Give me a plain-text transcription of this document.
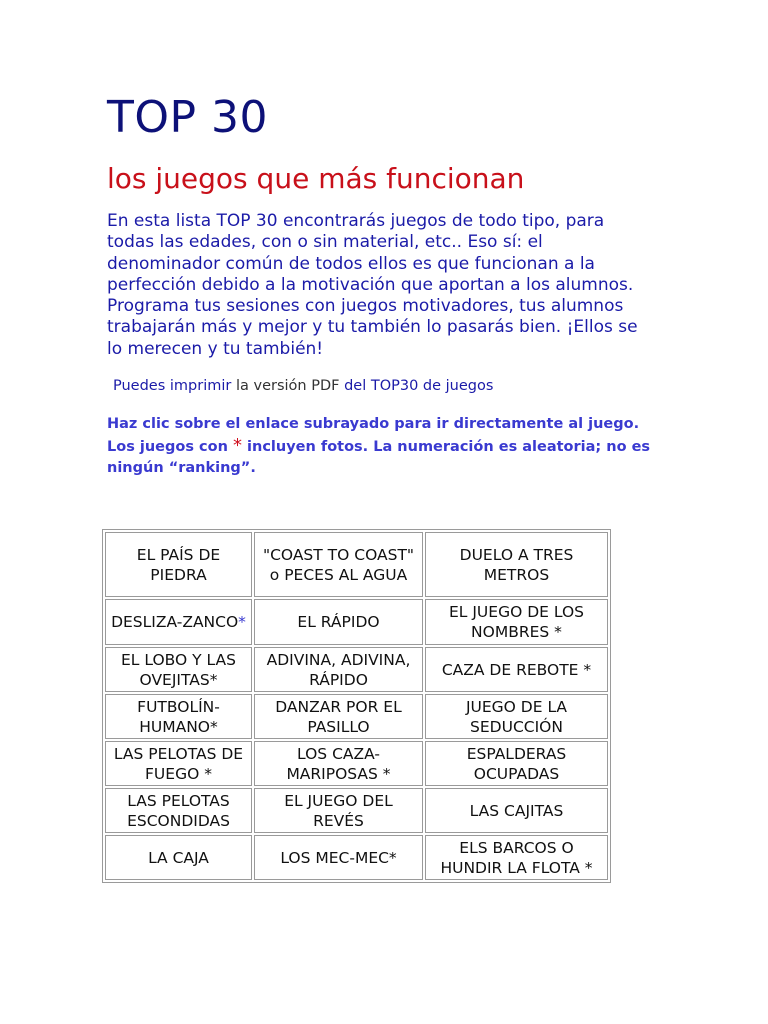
TOP 30
los juegos que más funcionan

En esta lista TOP 30 encontrarás juegos de todo tipo, para todas las edades, con o sin material, etc.. Eso sí: el denominador común de todos ellos es que funcionan a la perfección debido a la motivación que aportan a los alumnos. Programa tus sesiones con juegos motivadores, tus alumnos trabajarán más y mejor y tu también lo pasarás bien. ¡Ellos se lo merecen y tu también!

Puedes imprimir la versión PDF del TOP30 de juegos

Haz clic sobre el enlace subrayado para ir directamente al juego. Los juegos con * incluyen fotos. La numeración es aleatoria; no es ningún “ranking”.

EL PAÍS DE PIEDRA	"COAST TO COAST" o PECES AL AGUA	DUELO A TRES METROS
DESLIZA-ZANCO*	EL RÁPIDO	EL JUEGO DE LOS NOMBRES *
EL LOBO Y LAS OVEJITAS*	ADIVINA, ADIVINA, RÁPIDO	CAZA DE REBOTE *
FUTBOLÍN-HUMANO*	DANZAR POR EL PASILLO	JUEGO DE LA SEDUCCIÓN
LAS PELOTAS DE FUEGO *	LOS CAZA-MARIPOSAS *	ESPALDERAS OCUPADAS
LAS PELOTAS ESCONDIDAS	EL JUEGO DEL REVÉS	LAS CAJITAS
LA CAJA	LOS MEC-MEC*	ELS BARCOS O HUNDIR LA FLOTA *
